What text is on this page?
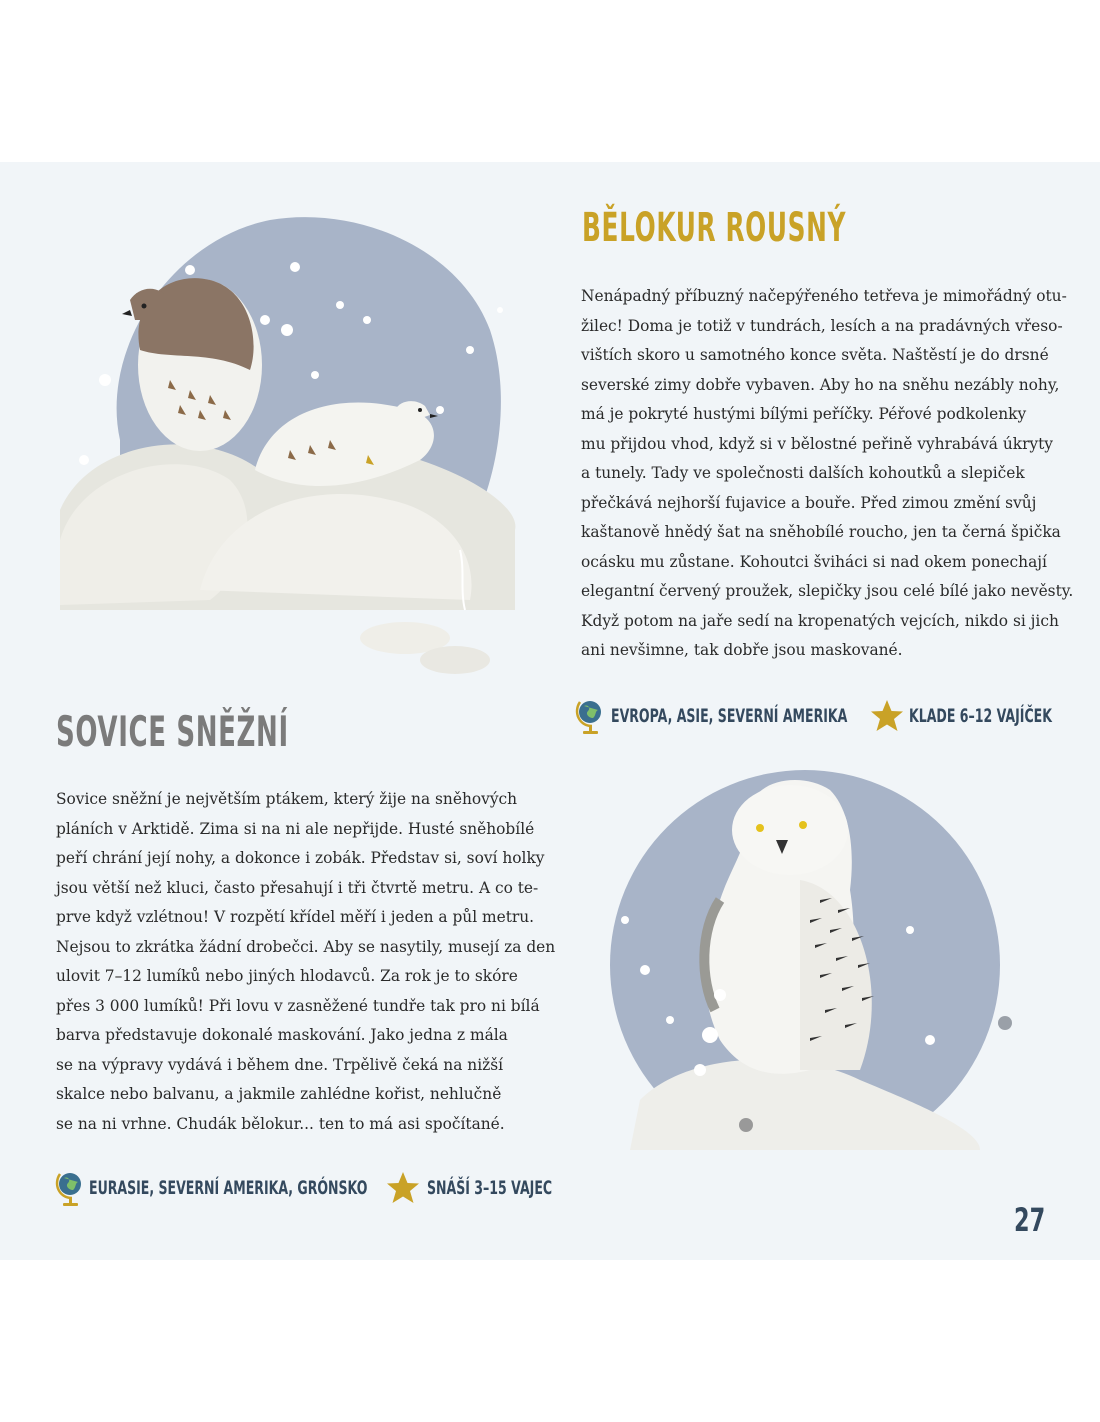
BĚLOKUR ROUSNÝ
Nenápadný příbuzný načepýřeného tetřeva je mimořádný otu-
žilec! Doma je totiž v tundrách, lesích a na pradávných vřeso-
vištích skoro u samotného konce světa. Naštěstí je do drsné
severské zimy dobře vybaven. Aby ho na sněhu nezábly nohy,
má je pokryté hustými bílými peříčky. Péřové podkolenky
mu přijdou vhod, když si v bělostné peřině vyhrabává úkryty
a tunely. Tady ve společnosti dalších kohoutků a slepiček
přečkává nejhorší fujavice a bouře. Před zimou změní svůj
kaštanově hnědý šat na sněhobílé roucho, jen ta černá špička
ocásku mu zůstane. Kohoutci šviháci si nad okem ponechají
elegantní červený proužek, slepičky jsou celé bílé jako nevěsty.
Když potom na jaře sedí na kropenatých vejcích, nikdo si jich
ani nevšimne, tak dobře jsou maskované.
EVROPA, ASIE, SEVERNÍ AMERIKA	KLADE 6–12 VAJÍČEK
SOVICE SNĚŽNÍ
Sovice sněžní je největším ptákem, který žije na sněhových
pláních v Arktidě. Zima si na ni ale nepřijde. Husté sněhobílé
peří chrání její nohy, a dokonce i zobák. Představ si, soví holky
jsou větší než kluci, často přesahují i tři čtvrtě metru. A co te-
prve když vzlétnou! V rozpětí křídel měří i jeden a půl metru.
Nejsou to zkrátka žádní drobečci. Aby se nasytily, musejí za den
ulovit 7–12 lumíků nebo jiných hlodavců. Za rok je to skóre
přes 3 000 lumíků! Při lovu v zasněžené tundře tak pro ni bílá
barva představuje dokonalé maskování. Jako jedna z mála
se na výpravy vydává i během dne. Trpělivě čeká na nižší
skalce nebo balvanu, a jakmile zahlédne kořist, nehlučně
se na ni vrhne. Chudák bělokur... ten to má asi spočítané.
EURASIE, SEVERNÍ AMERIKA, GRÓNSKO	SNÁŠÍ 3–15 VAJEC
27
